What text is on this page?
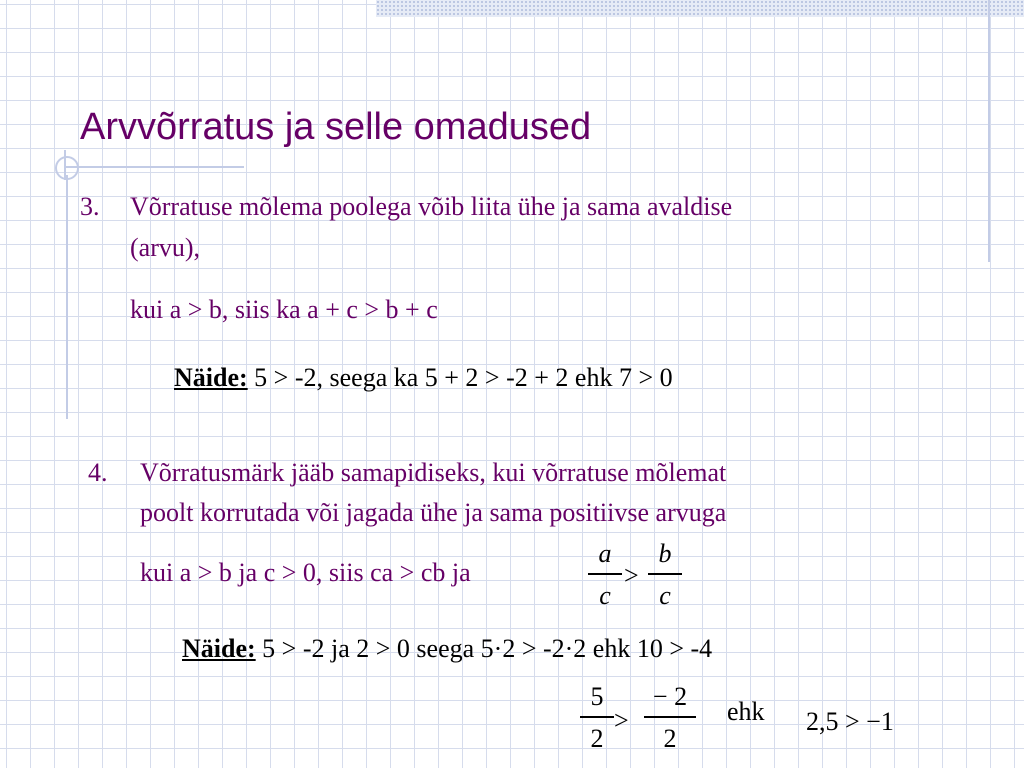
Arvvõrratus ja selle omadused
3. Võrratuse mõlema poolega võib liita ühe ja sama avaldise
(arvu),
kui a > b, siis ka a + c > b + c
Näide: 5 > -2, seega ka 5 + 2 > -2 + 2 ehk 7 > 0
4. Võrratusmärk jääb samapidiseks, kui võrratuse mõlemat
poolt korrutada või jagada ühe ja sama positiivse arvuga
kui a > b ja c > 0, siis ca > cb ja
a
c
>
b
c
Näide: 5 > -2 ja 2 > 0 seega 5·2 > -2·2 ehk 10 > -4
5
2
>
− 2
2
ehk 2,5 > −1
